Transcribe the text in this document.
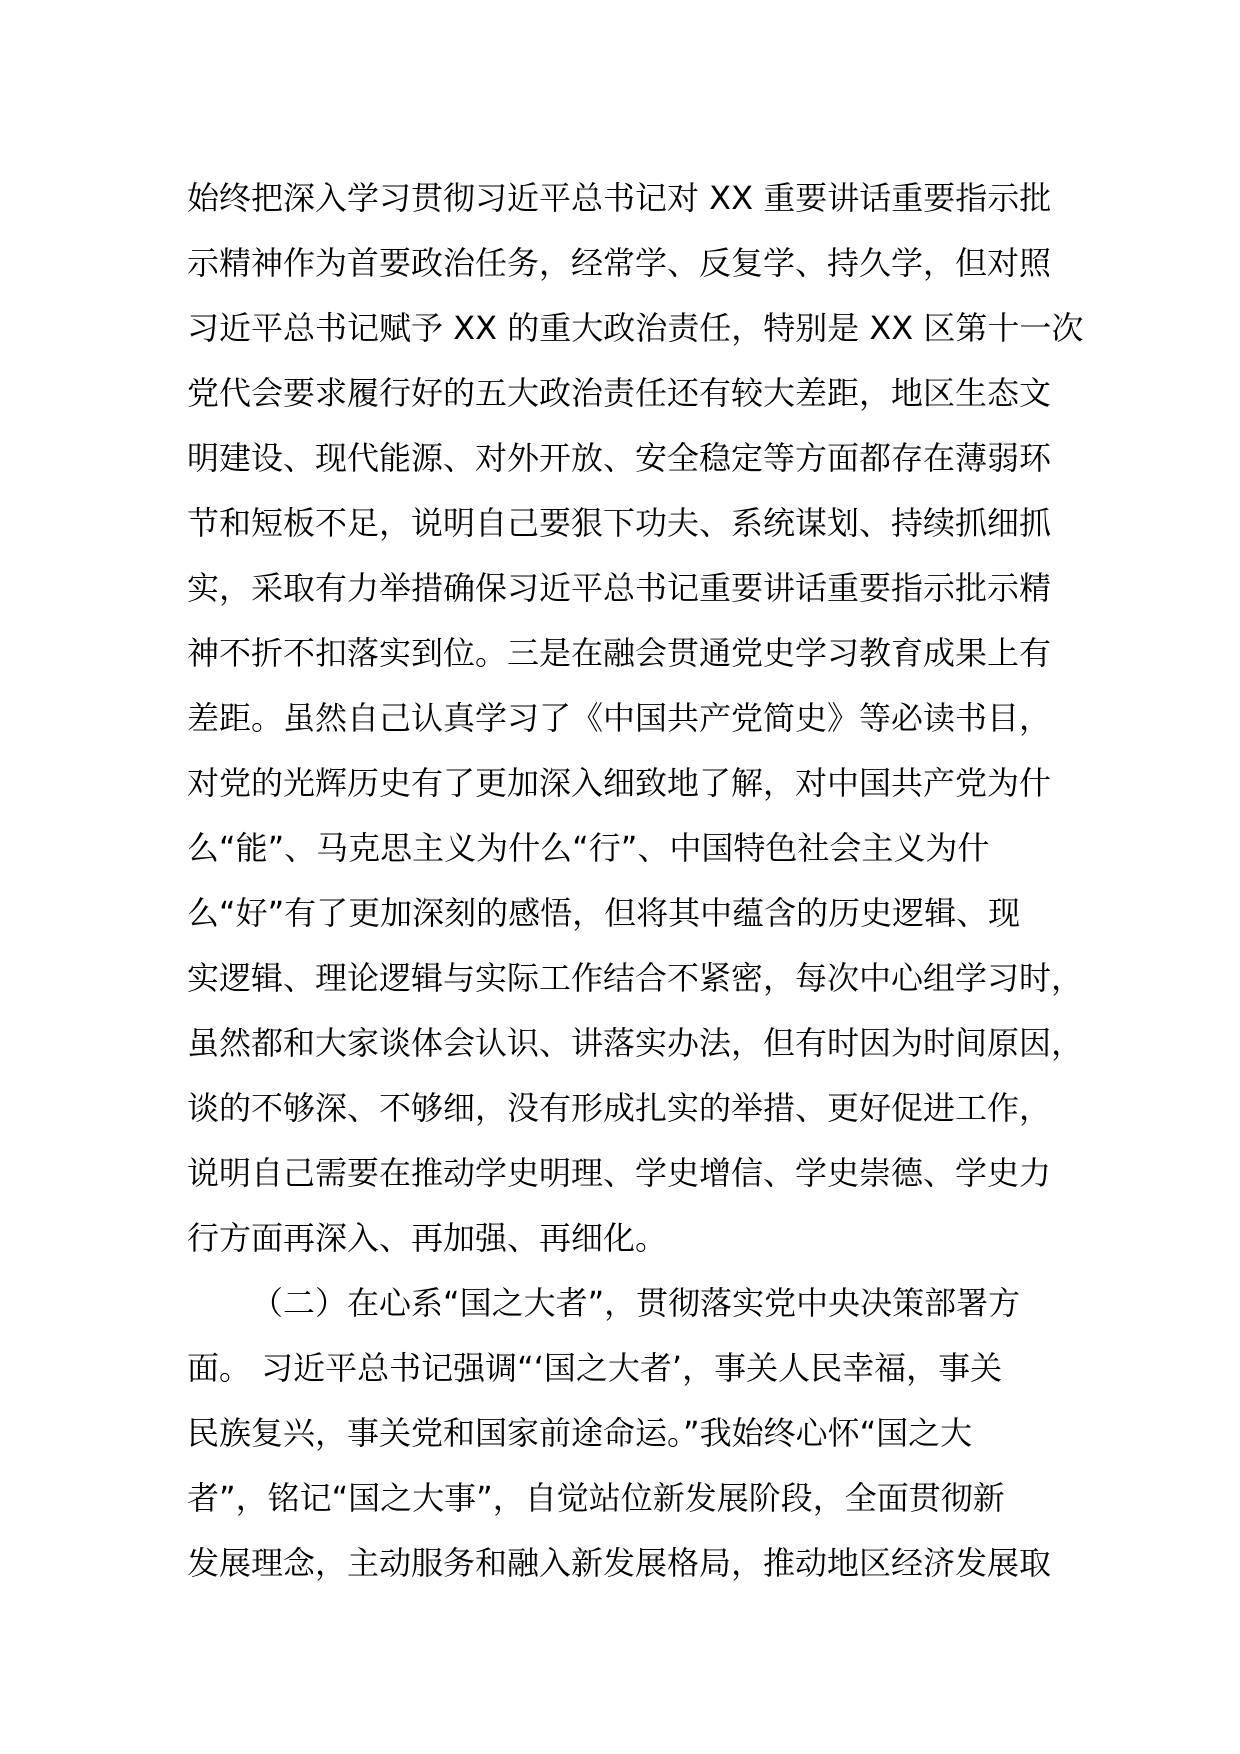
始终把深入学习贯彻习近平总书记对 XX 重要讲话重要指示批
示精神作为首要政治任务，经常学、反复学、持久学，但对照
习近平总书记赋予 XX 的重大政治责任，特别是 XX 区第十一次
党代会要求履行好的五大政治责任还有较大差距，地区生态文
明建设、现代能源、对外开放、安全稳定等方面都存在薄弱环
节和短板不足，说明自己要狠下功夫、系统谋划、持续抓细抓
实，采取有力举措确保习近平总书记重要讲话重要指示批示精
神不折不扣落实到位。三是在融会贯通党史学习教育成果上有
差距。虽然自己认真学习了《中国共产党简史》等必读书目，
对党的光辉历史有了更加深入细致地了解，对中国共产党为什
么“能”、马克思主义为什么“行”、中国特色社会主义为什
么“好”有了更加深刻的感悟，但将其中蕴含的历史逻辑、现
实逻辑、理论逻辑与实际工作结合不紧密，每次中心组学习时，
虽然都和大家谈体会认识、讲落实办法，但有时因为时间原因，
谈的不够深、不够细，没有形成扎实的举措、更好促进工作，
说明自己需要在推动学史明理、学史增信、学史崇德、学史力
行方面再深入、再加强、再细化。
（二）在心系“国之大者”，贯彻落实党中央决策部署方
面。 习近平总书记强调“‘国之大者’，事关人民幸福，事关
民族复兴，事关党和国家前途命运。”我始终心怀“国之大
者”，铭记“国之大事”，自觉站位新发展阶段，全面贯彻新
发展理念，主动服务和融入新发展格局，推动地区经济发展取
